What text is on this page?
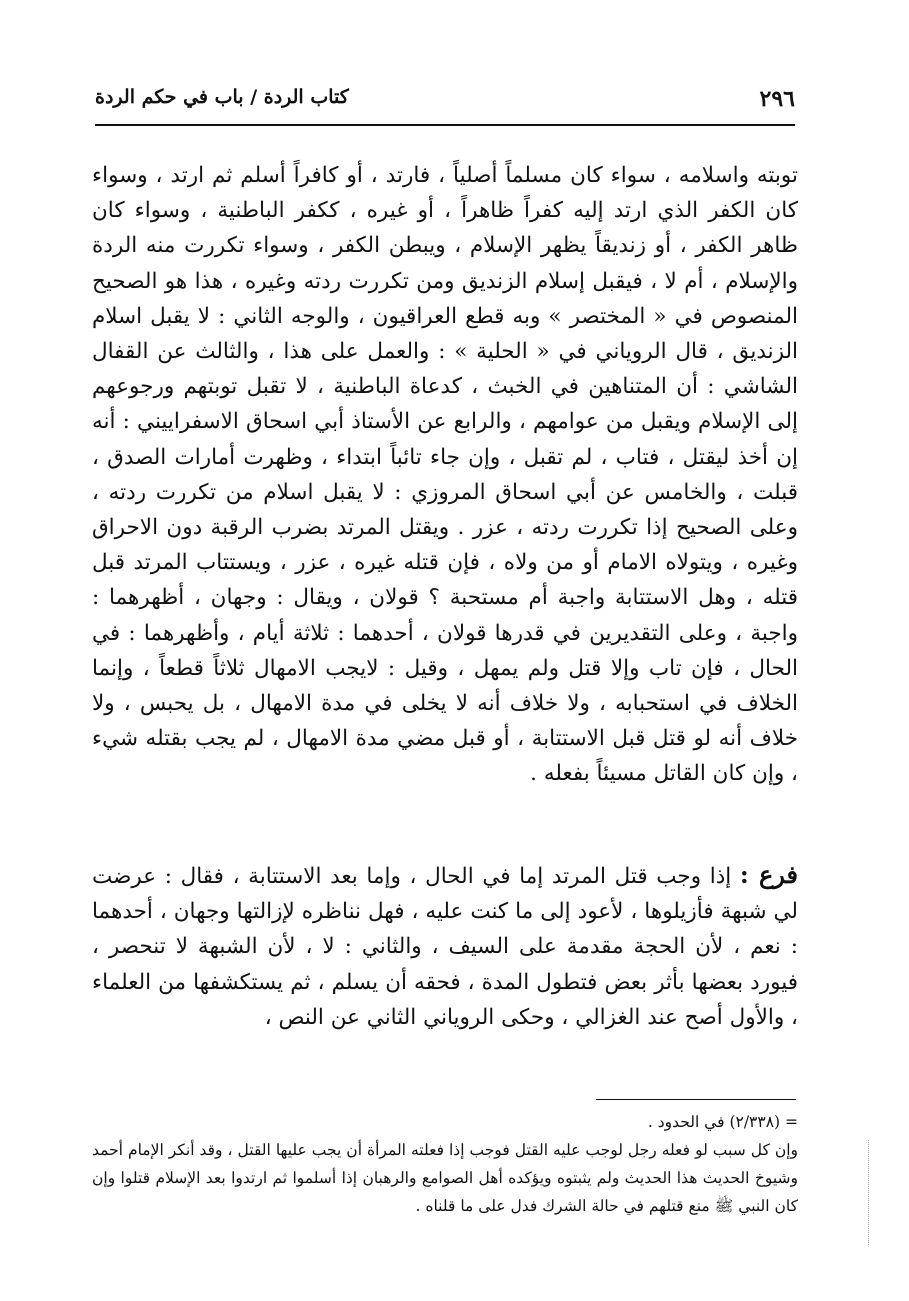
٢٩٦
كتاب الردة / باب في حكم الردة
توبته واسلامه ، سواء كان مسلماً أصلياً ، فارتد ، أو كافراً أسلم ثم ارتد ، وسواء كان الكفر الذي ارتد إليه كفراً ظاهراً ، أو غيره ، ككفر الباطنية ، وسواء كان ظاهر الكفر ، أو زنديقاً يظهر الإسلام ، ويبطن الكفر ، وسواء تكررت منه الردة والإسلام ، أم لا ، فيقبل إسلام الزنديق ومن تكررت ردته وغيره ، هذا هو الصحيح المنصوص في « المختصر » وبه قطع العراقيون ، والوجه الثاني : لا يقبل اسلام الزنديق ، قال الروياني في « الحلية » : والعمل على هذا ، والثالث عن القفال الشاشي : أن المتناهين في الخبث ، كدعاة الباطنية ، لا تقبل توبتهم ورجوعهم إلى الإسلام ويقبل من عوامهم ، والرابع عن الأستاذ أبي اسحاق الاسفراييني : أنه إن أخذ ليقتل ، فتاب ، لم تقبل ، وإن جاء تائباً ابتداء ، وظهرت أمارات الصدق ، قبلت ، والخامس عن أبي اسحاق المروزي : لا يقبل اسلام من تكررت ردته ، وعلى الصحيح إذا تكررت ردته ، عزر . ويقتل المرتد بضرب الرقبة دون الاحراق وغيره ، ويتولاه الامام أو من ولاه ، فإن قتله غيره ، عزر ، ويستتاب المرتد قبل قتله ، وهل الاستتابة واجبة أم مستحبة ؟ قولان ، ويقال : وجهان ، أظهرهما : واجبة ، وعلى التقديرين في قدرها قولان ، أحدهما : ثلاثة أيام ، وأظهرهما : في الحال ، فإن تاب وإلا قتل ولم يمهل ، وقيل : لايجب الامهال ثلاثاً قطعاً ، وإنما الخلاف في استحبابه ، ولا خلاف أنه لا يخلى في مدة الامهال ، بل يحبس ، ولا خلاف أنه لو قتل قبل الاستتابة ، أو قبل مضي مدة الامهال ، لم يجب بقتله شيء ، وإن كان القاتل مسيئاً بفعله .
فرع : إذا وجب قتل المرتد إما في الحال ، وإما بعد الاستتابة ، فقال : عرضت لي شبهة فأزيلوها ، لأعود إلى ما كنت عليه ، فهل نناظره لإزالتها وجهان ، أحدهما : نعم ، لأن الحجة مقدمة على السيف ، والثاني : لا ، لأن الشبهة لا تنحصر ، فيورد بعضها بأثر بعض فتطول المدة ، فحقه أن يسلم ، ثم يستكشفها من العلماء ، والأول أصح عند الغزالي ، وحكى الروياني الثاني عن النص ،
= (٢/٣٣٨) في الحدود .
وإن كل سبب لو فعله رجل لوجب عليه القتل فوجب إذا فعلته المرأة أن يجب عليها القتل ، وقد أنكر الإمام أحمد وشيوخ الحديث هذا الحديث ولم يثبتوه ويؤكده أهل الصوامع والرهبان إذا أسلموا ثم ارتدوا بعد الإسلام قتلوا وإن كان النبي ﷺ منع قتلهم في حالة الشرك فدل على ما قلناه .
